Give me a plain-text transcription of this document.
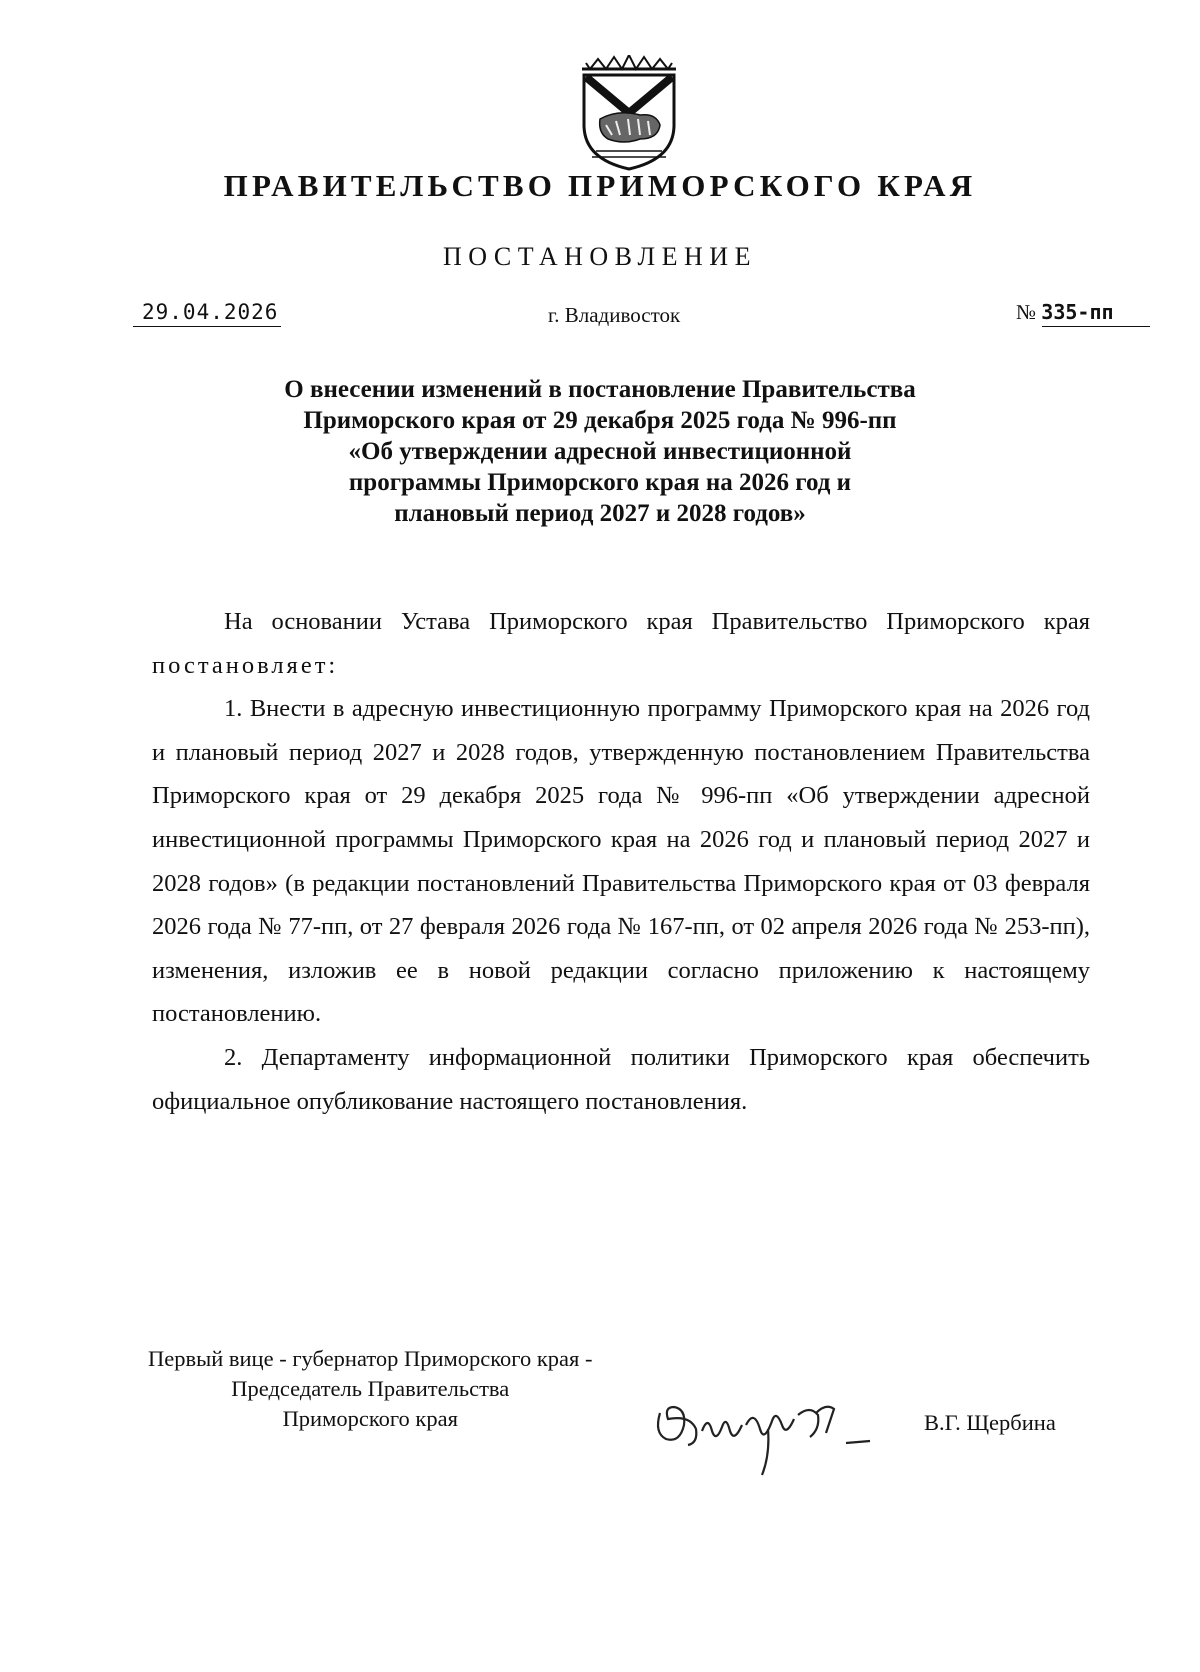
ПРАВИТЕЛЬСТВО ПРИМОРСКОГО КРАЯ
ПОСТАНОВЛЕНИЕ
29.04.2026	г. Владивосток	№ 335-пп
О внесении изменений в постановление Правительства
Приморского края от 29 декабря 2025 года № 996-пп
«Об утверждении адресной инвестиционной
программы Приморского края на 2026 год и
плановый период 2027 и 2028 годов»

На основании Устава Приморского края Правительство Приморского края постановляет:

1. Внести в адресную инвестиционную программу Приморского края на 2026 год и плановый период 2027 и 2028 годов, утвержденную постановлением Правительства Приморского края от 29 декабря 2025 года № 996-пп «Об утверждении адресной инвестиционной программы Приморского края на 2026 год и плановый период 2027 и 2028 годов» (в редакции постановлений Правительства Приморского края от 03 февраля 2026 года № 77-пп, от 27 февраля 2026 года № 167-пп, от 02 апреля 2026 года № 253-пп), изменения, изложив ее в новой редакции согласно приложению к настоящему постановлению.

2. Департаменту информационной политики Приморского края обеспечить официальное опубликование настоящего постановления.

Первый вице - губернатор Приморского края -
Председатель Правительства
Приморского края	В.Г. Щербина
